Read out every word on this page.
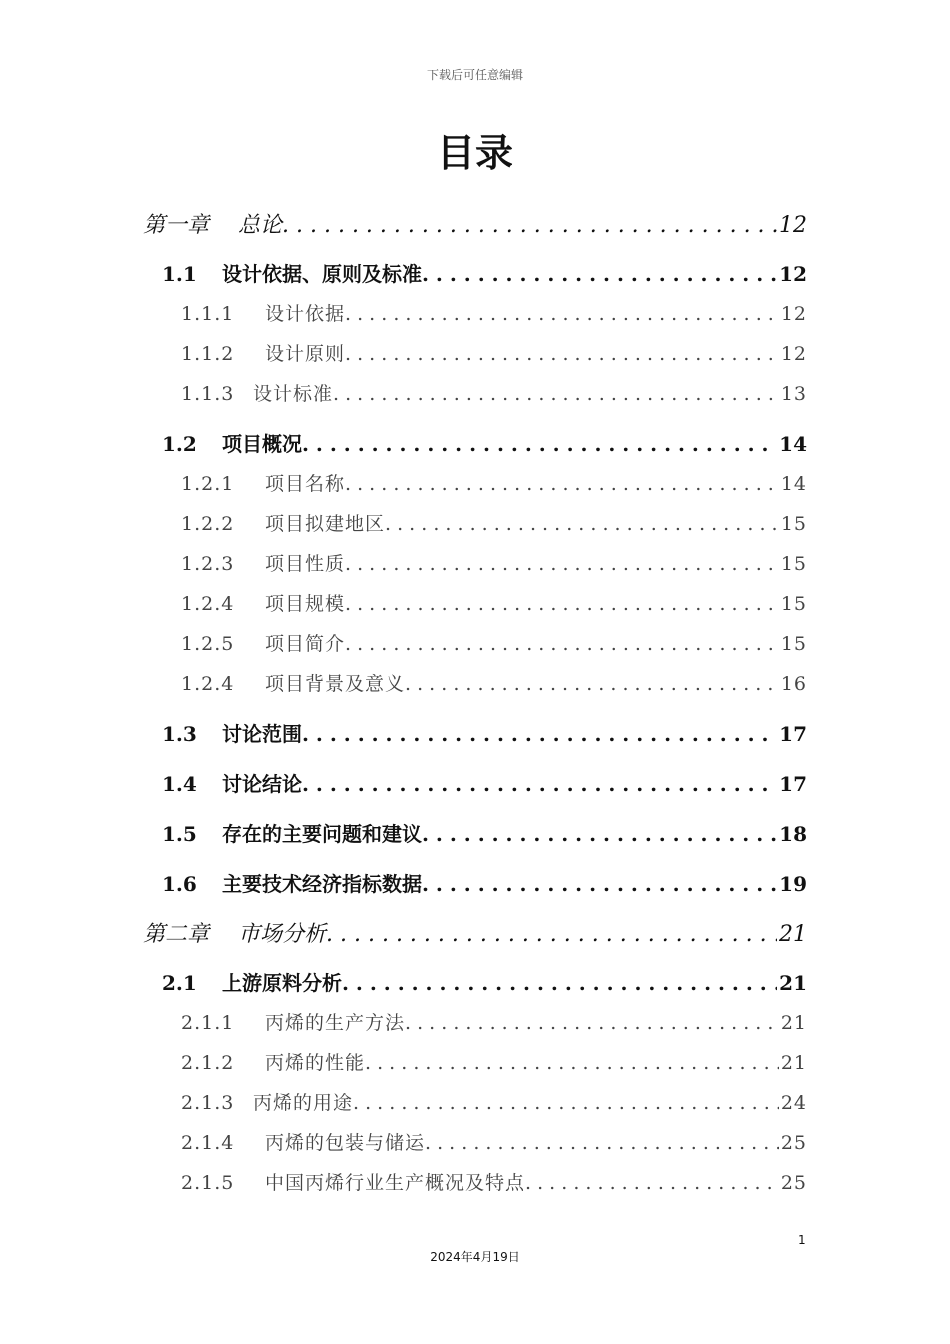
下载后可任意编辑
目录
第一章 总论 . . .	12
1.1 设计依据、原则及标准 . . .	12
1.1.1 设计依据 . . .	12
1.1.2 设计原则 . . .	12
1.1.3 设计标准 . . .	13
1.2 项目概况 . . .	14
1.2.1 项目名称 . . .	14
1.2.2 项目拟建地区 . . .	15
1.2.3 项目性质 . . .	15
1.2.4 项目规模 . . .	15
1.2.5 项目简介 . . .	15
1.2.4 项目背景及意义 . . .	16
1.3 讨论范围 . . .	17
1.4 讨论结论 . . .	17
1.5 存在的主要问题和建议 . . .	18
1.6 主要技术经济指标数据 . . .	19
第二章 市场分析 . . .	21
2.1 上游原料分析 . . .	21
2.1.1 丙烯的生产方法 . . .	21
2.1.2 丙烯的性能 . . .	21
2.1.3 丙烯的用途 . . .	24
2.1.4 丙烯的包装与储运 . . .	25
2.1.5 中国丙烯行业生产概况及特点 . . .	25
1
2024年4月19日
